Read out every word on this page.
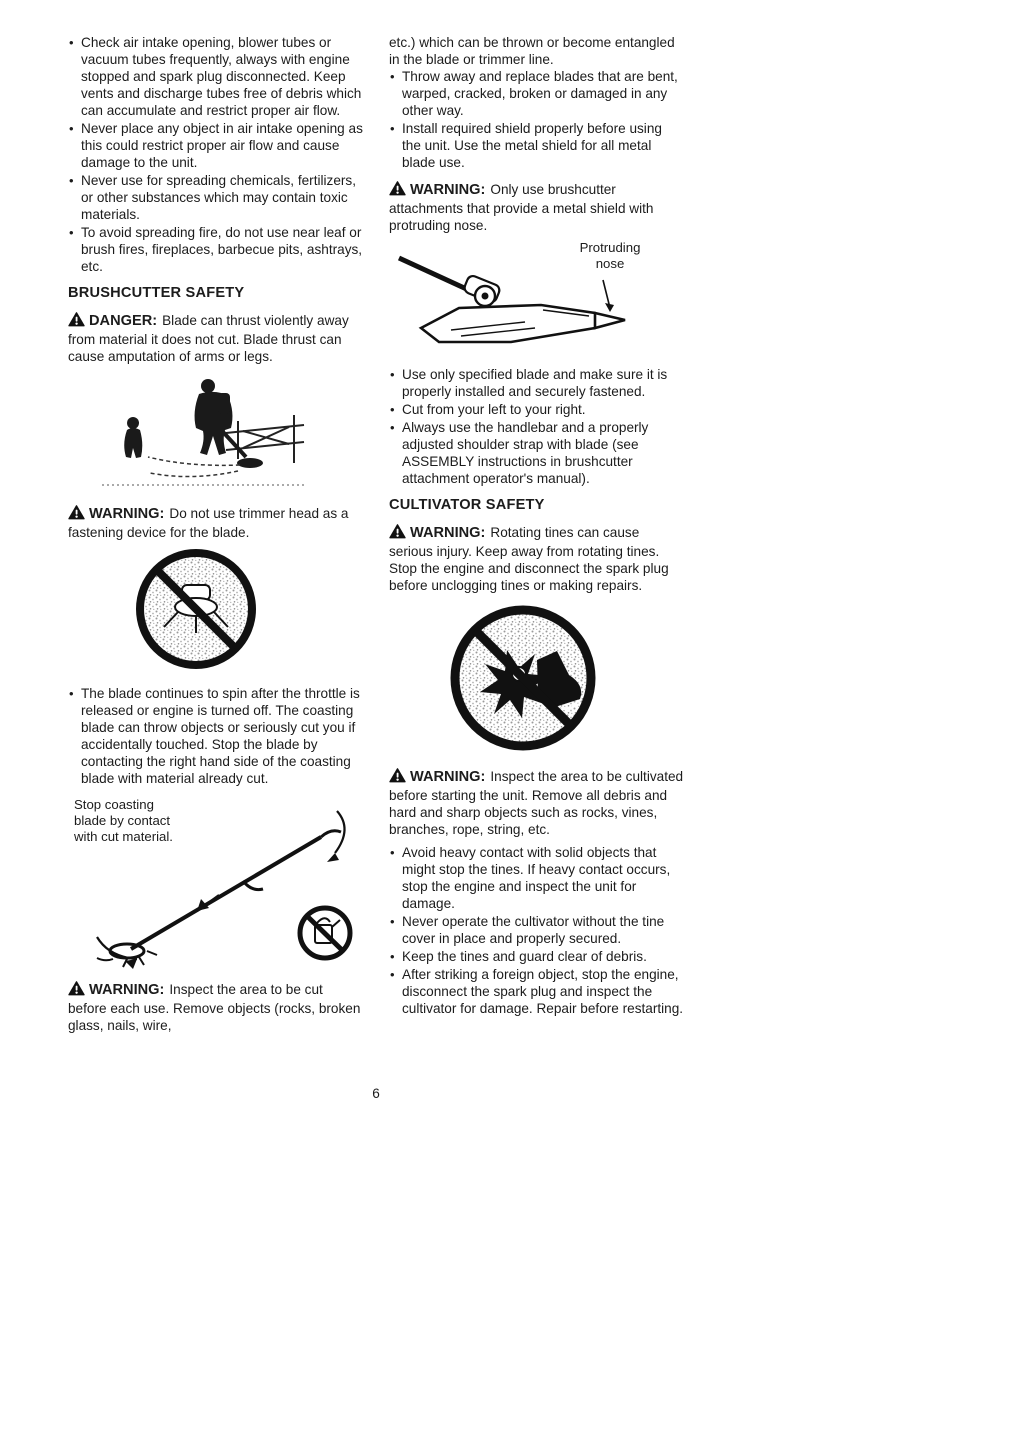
• Check air intake opening, blower tubes or vacuum tubes frequently, always with engine stopped and spark plug disconnected. Keep vents and discharge tubes free of debris which can accumulate and restrict proper air flow.
• Never place any object in air intake opening as this could restrict proper air flow and cause damage to the unit.
• Never use for spreading chemicals, fertilizers, or other substances which may contain toxic materials.
• To avoid spreading fire, do not use near leaf or brush fires, fireplaces, barbecue pits, ashtrays, etc.
BRUSHCUTTER SAFETY

DANGER: Blade can thrust violently away from material it does not cut. Blade thrust can cause amputation of arms or legs.

WARNING: Do not use trimmer head as a fastening device for the blade.

• The blade continues to spin after the throttle is released or engine is turned off. The coasting blade can throw objects or seriously cut you if accidentally touched. Stop the blade by contacting the right hand side of the coasting blade with material already cut.
Stop coasting blade by contact with cut material.

WARNING: Inspect the area to be cut before each use. Remove objects (rocks, broken glass, nails, wire,

etc.) which can be thrown or become entangled in the blade or trimmer line.

• Throw away and replace blades that are bent, warped, cracked, broken or damaged in any other way.
• Install required shield properly before using the unit. Use the metal shield for all metal blade use.

WARNING: Only use brushcutter attachments that provide a metal shield with protruding nose.

Protruding nose
• Use only specified blade and make sure it is properly installed and securely fastened.
• Cut from your left to your right.
• Always use the handlebar and a properly adjusted shoulder strap with blade (see ASSEMBLY instructions in brushcutter attachment operator's manual).
CULTIVATOR SAFETY

WARNING: Rotating tines can cause serious injury. Keep away from rotating tines. Stop the engine and disconnect the spark plug before unclogging tines or making repairs.

WARNING: Inspect the area to be cultivated before starting the unit. Remove all debris and hard and sharp objects such as rocks, vines, branches, rope, string, etc.

• Avoid heavy contact with solid objects that might stop the tines. If heavy contact occurs, stop the engine and inspect the unit for damage.
• Never operate the cultivator without the tine cover in place and properly secured.
• Keep the tines and guard clear of debris.
• After striking a foreign object, stop the engine, disconnect the spark plug and inspect the cultivator for damage. Repair before restarting.
6
